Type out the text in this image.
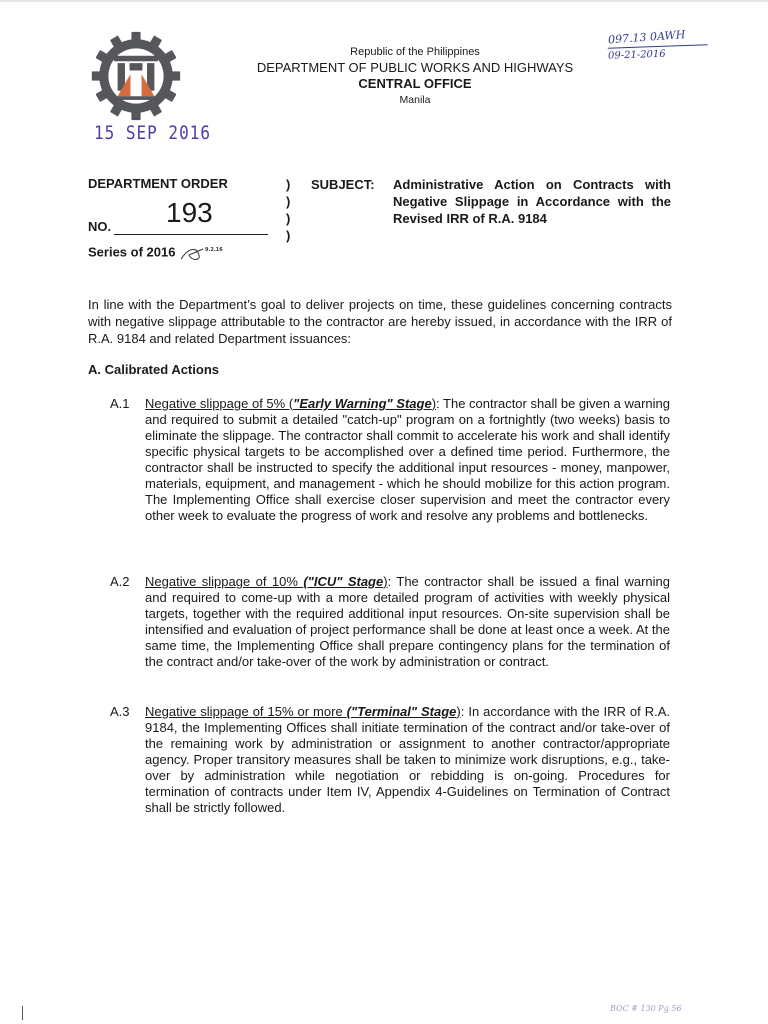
Republic of the Philippines
DEPARTMENT OF PUBLIC WORKS AND HIGHWAYS
CENTRAL OFFICE
Manila
097.13 0AWH
09-21-2016
15 SEP 2016
DEPARTMENT ORDER
NO. 193
Series of 2016	9.2.16
)
)
)
)
SUBJECT: Administrative Action on Contracts with Negative Slippage in Accordance with the Revised IRR of R.A. 9184
In line with the Department’s goal to deliver projects on time, these guidelines concerning contracts with negative slippage attributable to the contractor are hereby issued, in accordance with the IRR of R.A. 9184 and related Department issuances:
A. Calibrated Actions
A.1 Negative slippage of 5% ("Early Warning" Stage): The contractor shall be given a warning and required to submit a detailed "catch-up" program on a fortnightly (two weeks) basis to eliminate the slippage. The contractor shall commit to accelerate his work and shall identify specific physical targets to be accomplished over a defined time period. Furthermore, the contractor shall be instructed to specify the additional input resources - money, manpower, materials, equipment, and management - which he should mobilize for this action program. The Implementing Office shall exercise closer supervision and meet the contractor every other week to evaluate the progress of work and resolve any problems and bottlenecks.
A.2 Negative slippage of 10% ("ICU" Stage): The contractor shall be issued a final warning and required to come-up with a more detailed program of activities with weekly physical targets, together with the required additional input resources. On-site supervision shall be intensified and evaluation of project performance shall be done at least once a week. At the same time, the Implementing Office shall prepare contingency plans for the termination of the contract and/or take-over of the work by administration or contract.
A.3 Negative slippage of 15% or more ("Terminal" Stage): In accordance with the IRR of R.A. 9184, the Implementing Offices shall initiate termination of the contract and/or take-over of the remaining work by administration or assignment to another contractor/appropriate agency. Proper transitory measures shall be taken to minimize work disruptions, e.g., take-over by administration while negotiation or rebidding is on-going. Procedures for termination of contracts under Item IV, Appendix 4-Guidelines on Termination of Contract shall be strictly followed.
BOC # 130 Pg 56
